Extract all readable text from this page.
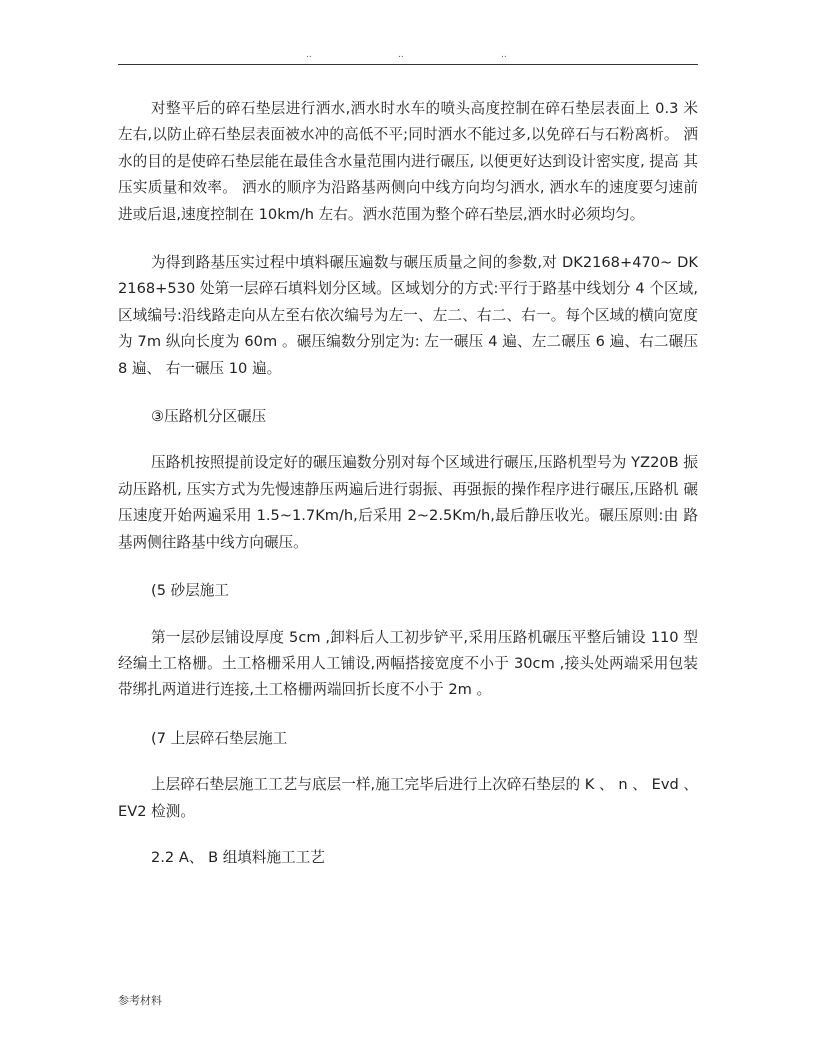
..	..	..

对整平后的碎石垫层进行洒水,洒水时水车的喷头高度控制在碎石垫层表面上 0.3 米 左右,以防止碎石垫层表面被水冲的高低不平;同时洒水不能过多,以免碎石与石粉离析。 洒水的目的是使碎石垫层能在最佳含水量范围内进行碾压, 以便更好达到设计密实度, 提高 其压实质量和效率。 洒水的顺序为沿路基两侧向中线方向均匀洒水, 洒水车的速度要匀速前 进或后退,速度控制在 10km/h 左右。洒水范围为整个碎石垫层,洒水时必须均匀。

为得到路基压实过程中填料碾压遍数与碾压质量之间的参数,对 DK2168+470~ DK2168+530 处第一层碎石填料划分区域。区域划分的方式:平行于路基中线划分 4 个区域, 区域编号:沿线路走向从左至右依次编号为左一、左二、右二、右一。每个区域的横向宽度 为 7m 纵向长度为 60m 。碾压编数分别定为: 左一碾压 4 遍、左二碾压 6 遍、右二碾压 8 遍、 右一碾压 10 遍。

③压路机分区碾压

压路机按照提前设定好的碾压遍数分别对每个区域进行碾压,压路机型号为 YZ20B 振 动压路机, 压实方式为先慢速静压两遍后进行弱振、再强振的操作程序进行碾压,压路机 碾压速度开始两遍采用 1.5~1.7Km/h,后采用 2~2.5Km/h,最后静压收光。碾压原则:由 路基两侧往路基中线方向碾压。

(5 砂层施工

第一层砂层铺设厚度 5cm ,卸料后人工初步铲平,采用压路机碾压平整后铺设 110 型 经编土工格栅。土工格栅采用人工铺设,两幅搭接宽度不小于 30cm ,接头处两端采用包装 带绑扎两道进行连接,土工格栅两端回折长度不小于 2m 。

(7 上层碎石垫层施工

上层碎石垫层施工工艺与底层一样,施工完毕后进行上次碎石垫层的 K 、 n 、 Evd 、 EV2 检测。

2.2 A、 B 组填料施工工艺

参考材料
